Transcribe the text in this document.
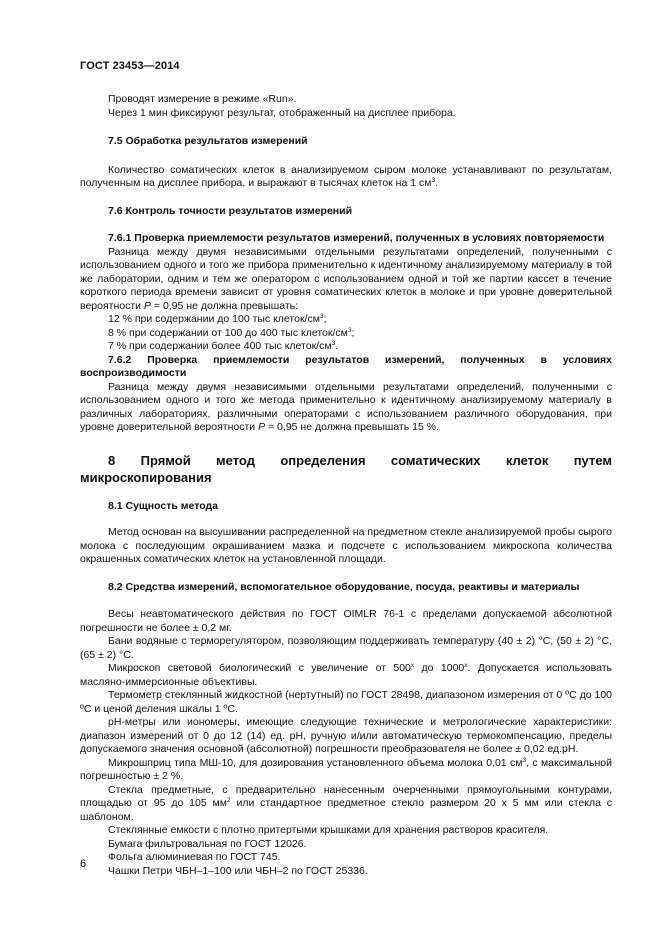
ГОСТ 23453—2014

Проводят измерение в режиме «Run».

Через 1 мин фиксируют результат, отображенный на дисплее прибора.

7.5 Обработка результатов измерений

Количество соматических клеток в анализируемом сыром молоке устанавливают по результатам, полученным на дисплее прибора, и выражают в тысячах клеток на 1 $см^3$.

7.6 Контроль точности результатов измерений

7.6.1 Проверка приемлемости результатов измерений, полученных в условиях повторяемости

Разница между двумя независимыми отдельными результатами определений, полученными с использованием одного и того же прибора применительно к идентичному анализируемому материалу в той же лаборатории, одним и тем же оператором с использованием одной и той же партии кассет в течение короткого периода времени зависит от уровня соматических клеток в молоке и при уровне доверительной вероятности P = 0,95 не должна превышать:

12 % при содержании до 100 тыс клеток/$см^3$;

8 % при содержании от 100 до 400 тыс клеток/$см^3$;

7 % при содержании более 400 тыс клеток/$см^3$.

7.6.2 Проверка приемлемости результатов измерений, полученных в условиях воспроизводимости

Разница между двумя независимыми отдельными результатами определений, полученными с использованием одного и того же метода применительно к идентичному анализируемому материалу в различных лабораториях, различными операторами с использованием различного оборудования, при уровне доверительной вероятности P = 0,95 не должна превышать 15 %.

8 Прямой метод определения соматических клеток путем микроскопирования

8.1 Сущность метода

Метод основан на высушивании распределенной на предметном стекле анализируемой пробы сырого молока с последующим окрашиванием мазка и подсчете с использованием микроскопа количества окрашенных соматических клеток на установленной площади.

8.2 Средства измерений, вспомогательное оборудование, посуда, реактивы и материалы

Весы неавтоматического действия по ГОСТ OIMLR 76-1 с пределами допускаемой абсолютной погрешности не более ± 0,2 мг.

Бани водяные с терморегулятором, позволяющим поддерживать температуру (40 ± 2) °С, (50 ± 2) °С, (65 ± 2) °С.

Микроскоп световой биологический с увеличение от 500$^x$ до 1000$^x$. Допускается использовать масляно-иммерсионные объективы.

Термометр стеклянный жидкостной (нертутный) по ГОСТ 28498, диапазоном измерения от 0 ºС до 100 ºС и ценой деления шкалы 1 ºС.

pH-метры или иономеры, имеющие следующие технические и метрологические характеристики: диапазон измерений от 0 до 12 (14) ед. pH, ручную и/или автоматическую термокомпенсацию, пределы допускаемого значения основной (абсолютной) погрешности преобразователя не более ± 0,02 ед.pH.

Микрошприц типа МШ-10, для дозирования установленного объема молока 0,01 $см^3$, с максимальной погрешностью ± 2 %.

Стекла предметные, с предварительно нанесенным очерченными прямоугольными контурами, площадью от 95 до 105 $мм^2$ или стандартное предметное стекло размером 20 х 5 мм или стекла с шаблоном.

Стеклянные емкости с плотно притертыми крышками для хранения растворов красителя.

Бумага фильтровальная по ГОСТ 12026.

Фольга алюминиевая по ГОСТ 745.

Чашки Петри ЧБН–1–100 или ЧБН–2 по ГОСТ 25336.

6
